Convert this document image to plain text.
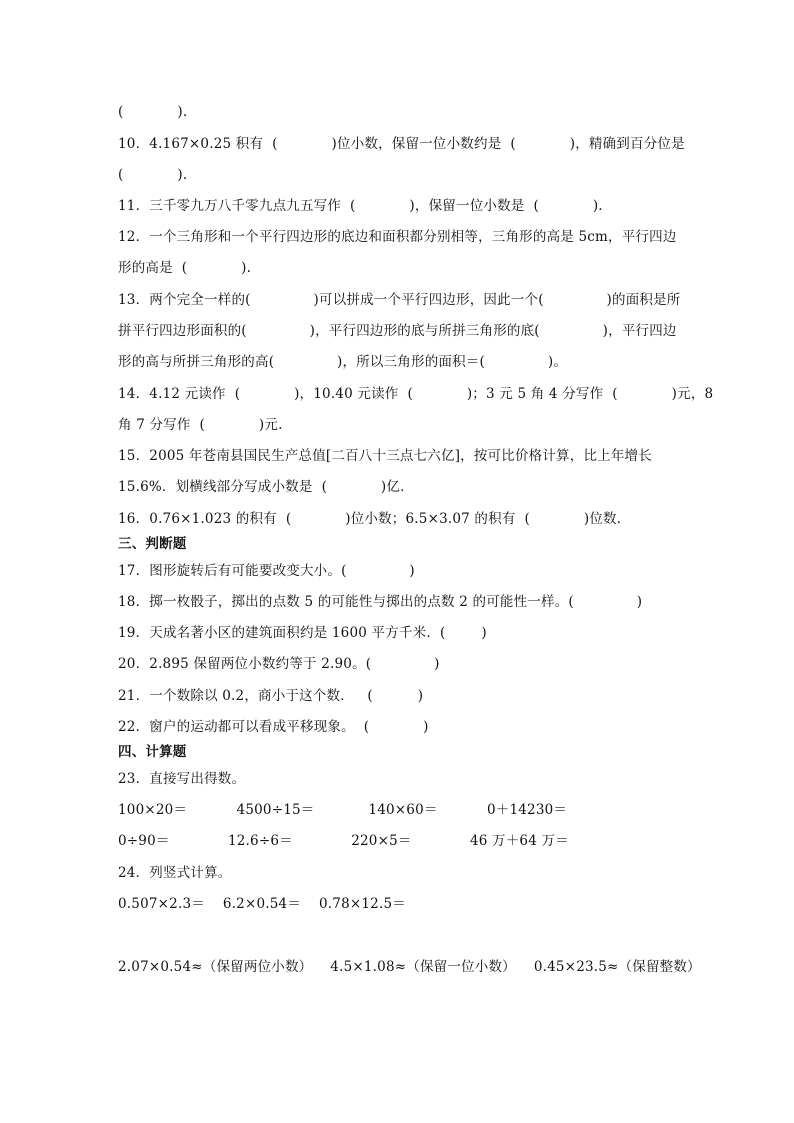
(            ).
10．4.167×0.25 积有  (            )位小数，保留一位小数约是  (            )，精确到百分位是
(            ).
11．三千零九万八千零九点九五写作  (            )，保留一位小数是  (            ).
12．一个三角形和一个平行四边形的底边和面积都分别相等，三角形的高是 5cm，平行四边
形的高是  (            ).
13．两个完全一样的(              )可以拼成一个平行四边形，因此一个(              )的面积是所
拼平行四边形面积的(              )，平行四边形的底与所拼三角形的底(              )，平行四边
形的高与所拼三角形的高(              )，所以三角形的面积＝(              )。
14．4.12 元读作  (            )，10.40 元读作  (            )；3 元 5 角 4 分写作  (            )元，8
角 7 分写作  (            )元.
15．2005 年苍南县国民生产总值[二百八十三点七六亿]，按可比价格计算，比上年增长
15.6%．划横线部分写成小数是  (            )亿．
16．0.76×1.023 的积有  (            )位小数；6.5×3.07 的积有  (            )位数．
三、判断题
17．图形旋转后有可能要改变大小。(              )
18．掷一枚骰子，掷出的点数 5 的可能性与掷出的点数 2 的可能性一样。(              )
19．天成名著小区的建筑面积约是 1600 平方千米．(        )
20．2.895 保留两位小数约等于 2.90。(              )
21．一个数除以 0.2，商小于这个数．   (          )
22．窗户的运动都可以看成平移现象。  (            )
四、计算题
23．直接写出得数。
100×20＝           4500÷15＝            140×60＝           0＋14230＝
0÷90＝             12.6÷6＝             220×5＝             46 万＋64 万＝
24．列竖式计算。
0.507×2.3＝    6.2×0.54＝    0.78×12.5＝
2.07×0.54≈（保留两位小数）    4.5×1.08≈（保留一位小数）    0.45×23.5≈（保留整数）
